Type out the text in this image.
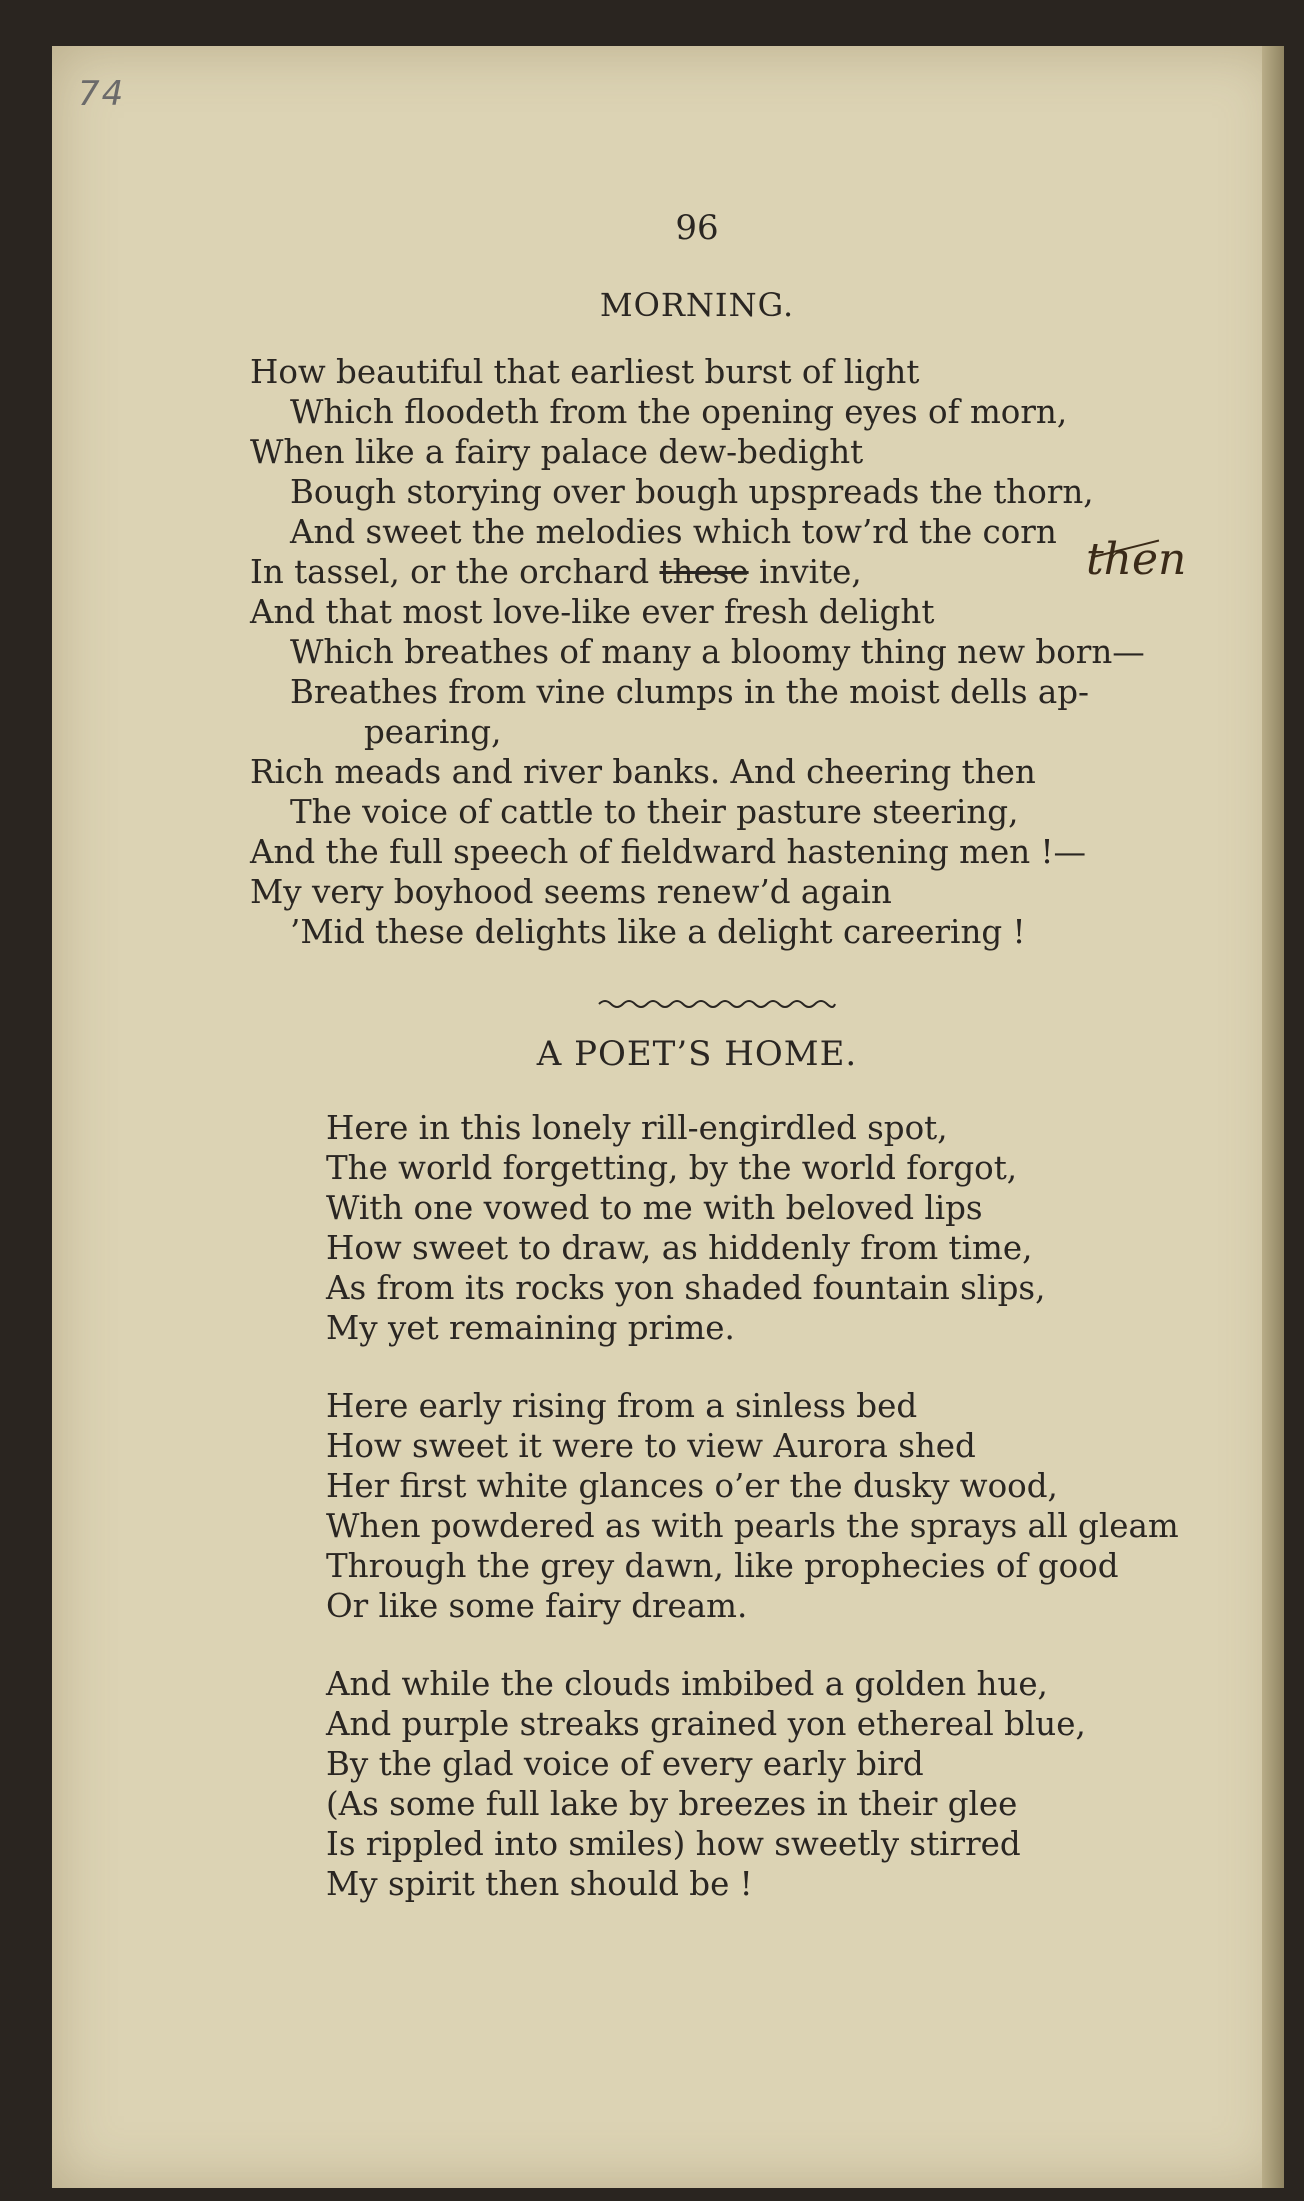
74
96
MORNING.

How beautiful that earliest burst of light

Which floodeth from the opening eyes of morn,

When like a fairy palace dew-bedight

Bough storying over bough upspreads the thorn,

And sweet the melodies which tow’rd the corn

In tassel, or the orchard these invite,

And that most love-like ever fresh delight

Which breathes of many a bloomy thing new born—

Breathes from vine clumps in the moist dells ap-

pearing,

Rich meads and river banks. And cheering then

The voice of cattle to their pasture steering,

And the full speech of fieldward hastening men !—

My very boyhood seems renew’d again

’Mid these delights like a delight careering !

then
A POET’S HOME.

Here in this lonely rill-engirdled spot,

The world forgetting, by the world forgot,

With one vowed to me with beloved lips

How sweet to draw, as hiddenly from time,

As from its rocks yon shaded fountain slips,

My yet remaining prime.

Here early rising from a sinless bed

How sweet it were to view Aurora shed

Her first white glances o’er the dusky wood,

When powdered as with pearls the sprays all gleam

Through the grey dawn, like prophecies of good

Or like some fairy dream.

And while the clouds imbibed a golden hue,

And purple streaks grained yon ethereal blue,

By the glad voice of every early bird

(As some full lake by breezes in their glee

Is rippled into smiles) how sweetly stirred

My spirit then should be !
